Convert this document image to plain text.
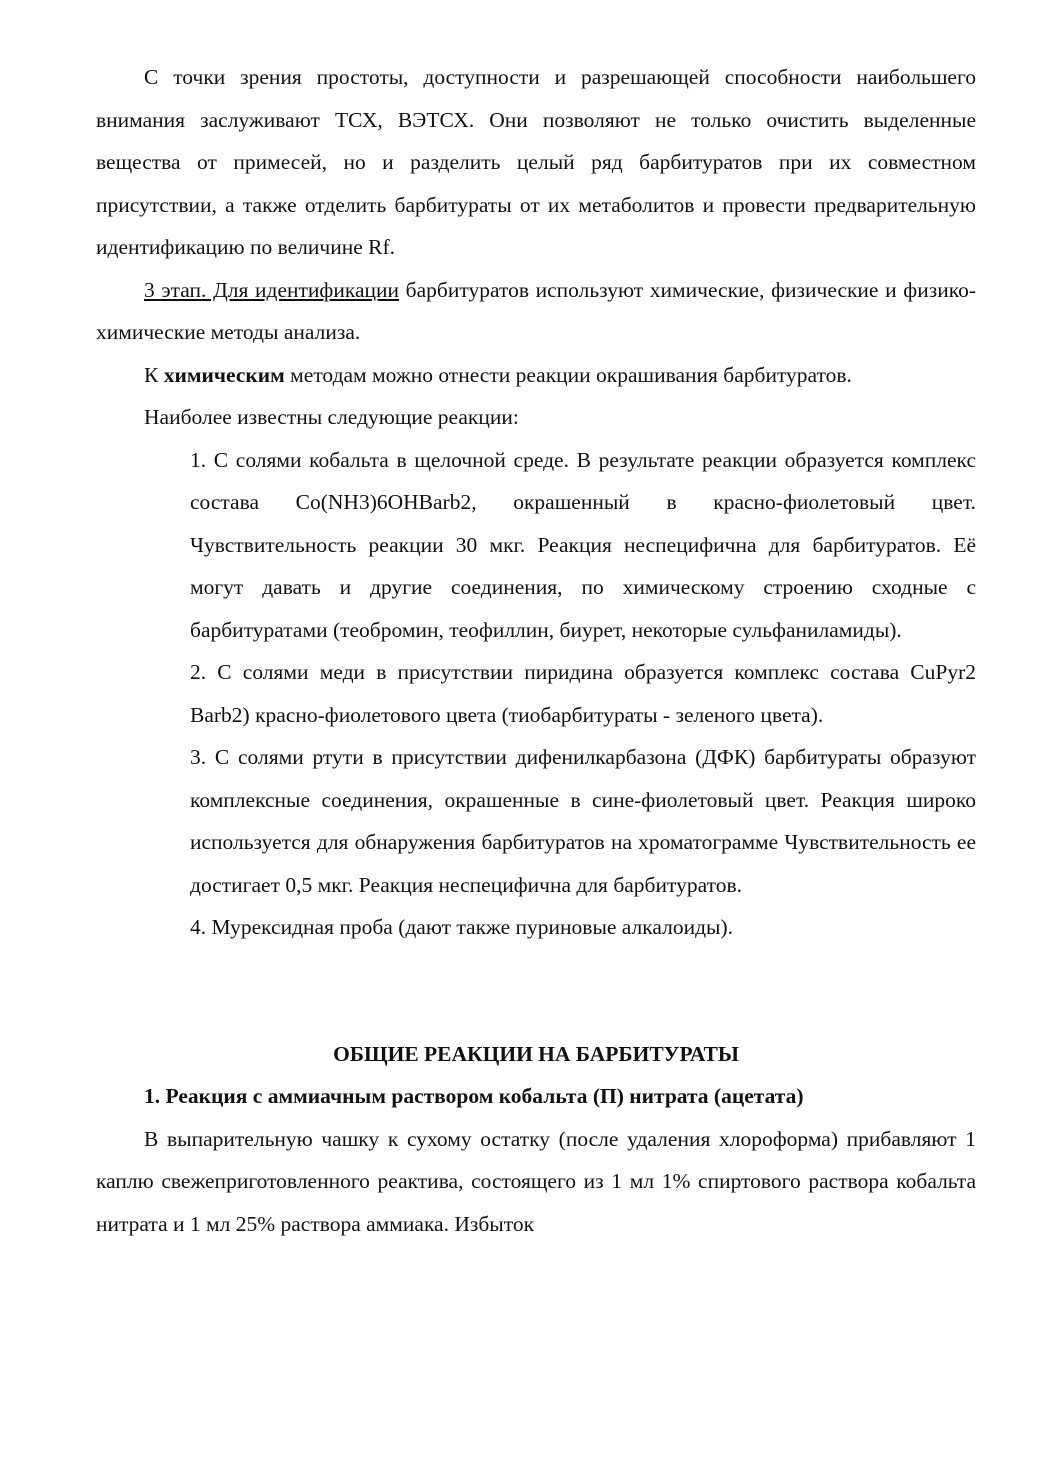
С точки зрения простоты, доступности и разрешающей способности наибольшего внимания заслуживают ТСХ, ВЭТСХ. Они позволяют не только очистить выделенные вещества от примесей, но и разделить целый ряд барбитуратов при их совместном присутствии, а также отделить барбитураты от их метаболитов и провести предварительную идентификацию по величине Rf.

3 этап. Для идентификации барбитуратов используют химические, физические и физико-химические методы анализа.

К химическим методам можно отнести реакции окрашивания барбитуратов.

Наиболее известны следующие реакции:

1. С солями кобальта в щелочной среде. В результате реакции образуется комплекс состава Co(NH3)6OHBarb2, окрашенный в красно-фиолетовый цвет. Чувствительность реакции 30 мкг. Реакция неспецифична для барбитуратов. Её могут давать и другие соединения, по химическому строению сходные с барбитуратами (теобромин, теофиллин, биурет, некоторые сульфаниламиды).

2. С солями меди в присутствии пиридина образуется комплекс состава CuPyr2 Barb2) красно-фиолетового цвета (тиобарбитураты - зеленого цвета).

3. С солями ртути в присутствии дифенилкарбазона (ДФК) барбитураты образуют комплексные соединения, окрашенные в сине-фиолетовый цвет. Реакция широко используется для обнаружения барбитуратов на хроматограмме Чувствительность ее достигает 0,5 мкг. Реакция неспецифична для барбитуратов.

4. Мурексидная проба (дают также пуриновые алкалоиды).

ОБЩИЕ РЕАКЦИИ НА БАРБИТУРАТЫ

1. Реакция с аммиачным раствором кобальта (П) нитрата (ацетата)

В выпарительную чашку к сухому остатку (после удаления хлороформа) прибавляют 1 каплю свежеприготовленного реактива, состоящего из 1 мл 1% спиртового раствора кобальта нитрата и 1 мл 25% раствора аммиака. Избыток
